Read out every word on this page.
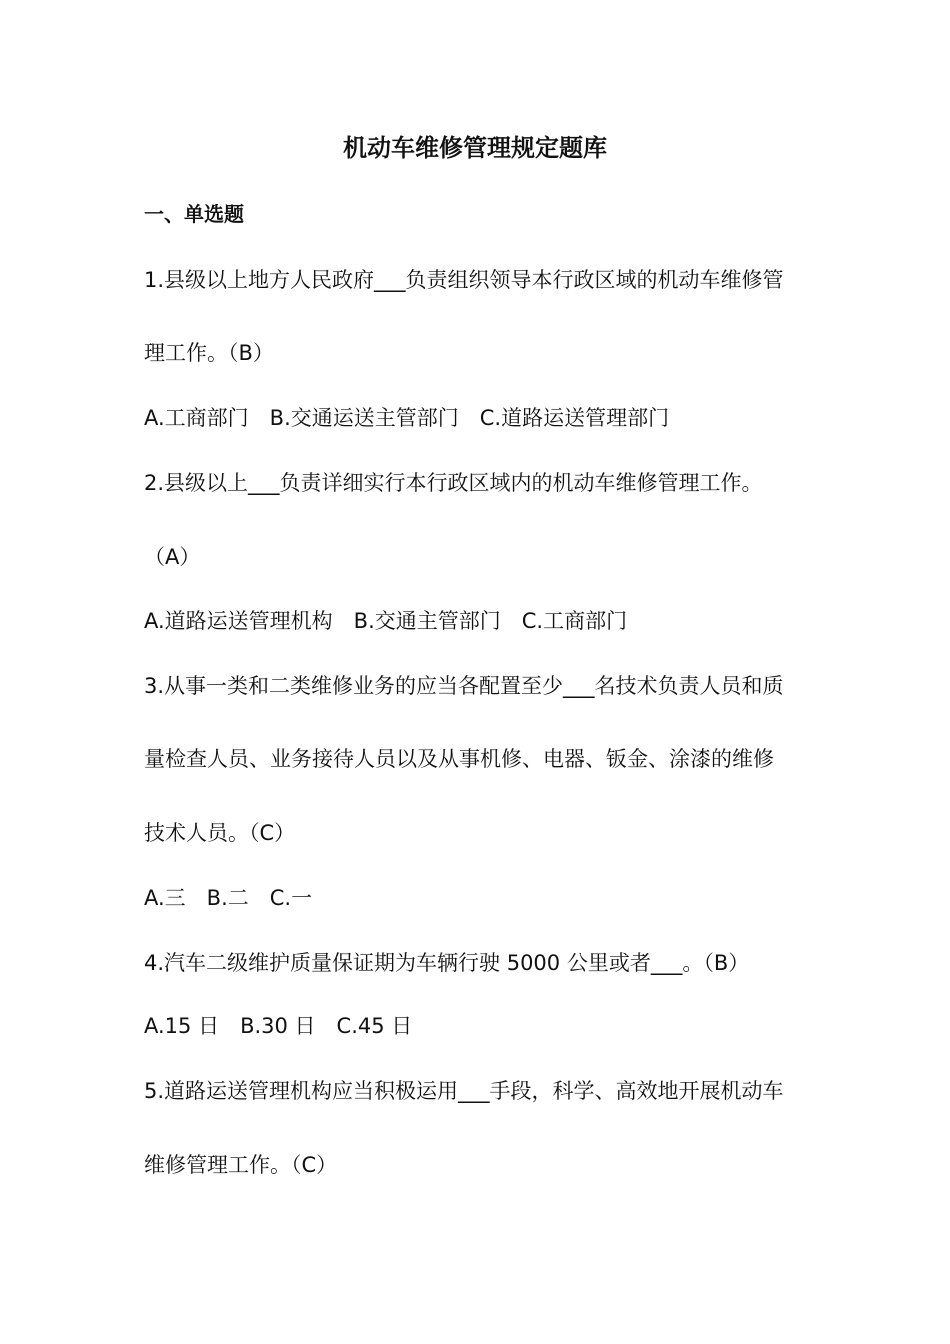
机动车维修管理规定题库
一、单选题
1.县级以上地方人民政府___负责组织领导本行政区域的机动车维修管
理工作。（B）
A.工商部门　B.交通运送主管部门　C.道路运送管理部门
2.县级以上___负责详细实行本行政区域内的机动车维修管理工作。
（A）
A.道路运送管理机构　B.交通主管部门　C.工商部门
3.从事一类和二类维修业务的应当各配置至少___名技术负责人员和质
量检查人员、业务接待人员以及从事机修、电器、钣金、涂漆的维修
技术人员。（C）
A.三　B.二　C.一
4.汽车二级维护质量保证期为车辆行驶 5000 公里或者___。（B）
A.15 日　B.30 日　C.45 日
5.道路运送管理机构应当积极运用___手段，科学、高效地开展机动车
维修管理工作。（C）
